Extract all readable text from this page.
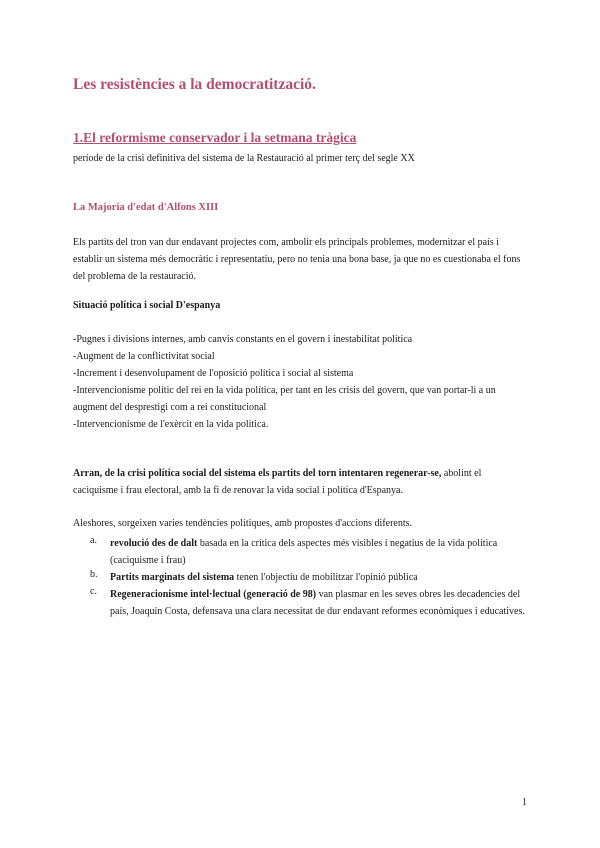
Les resistències a la democratització.
1.El reformisme conservador i la setmana tràgica
període de la crisi definitiva del sistema de la Restauració al primer terç del segle XX
La Majoria d'edat d'Alfons XIII
Els partits del tron van dur endavant projectes com, ambolir els principals problemes, modernitzar el país i establir un sistema més democràtic i representatiu, pero no tenia una bona base, ja que no es cuestionaba el fons del problema de la restauració.
Situació política i social D'espanya
-Pugnes i divisions internes, amb canvis constants en el govern i inestabilitat política
-Augment de la conflictivitat social
-Increment i desenvolupament de l'oposició política i social al sistema
-Intervencionisme polític del rei en la vida política, per tant en les crisis del govern, que van portar-li a un
augment del desprestigi com a rei constitucional
-Intervencionisme de l'exèrcit en la vida política.
Arran, de la crisi política social del sistema els partits del torn intentaren regenerar-se, abolint el caciquisme i frau electoral, amb la fi de renovar la vida social i política d'Espanya.
Aleshores, sorgeixen varies tendències polítiques, amb propostes d'accions diferents.
a. revolució des de dalt basada en la crítica dels aspectes més visibles i negatius de la vida política (caciquisme i frau)
b. Partits marginats del sistema tenen l'objectiu de mobilitzar l'opinió pública
c. Regeneracionisme intel·lectual (generació de 98) van plasmar en les seves obres les decadencies del país, Joaquín Costa, defensava una clara necessitat de dur endavant reformes econòmiques i educatives.
1
